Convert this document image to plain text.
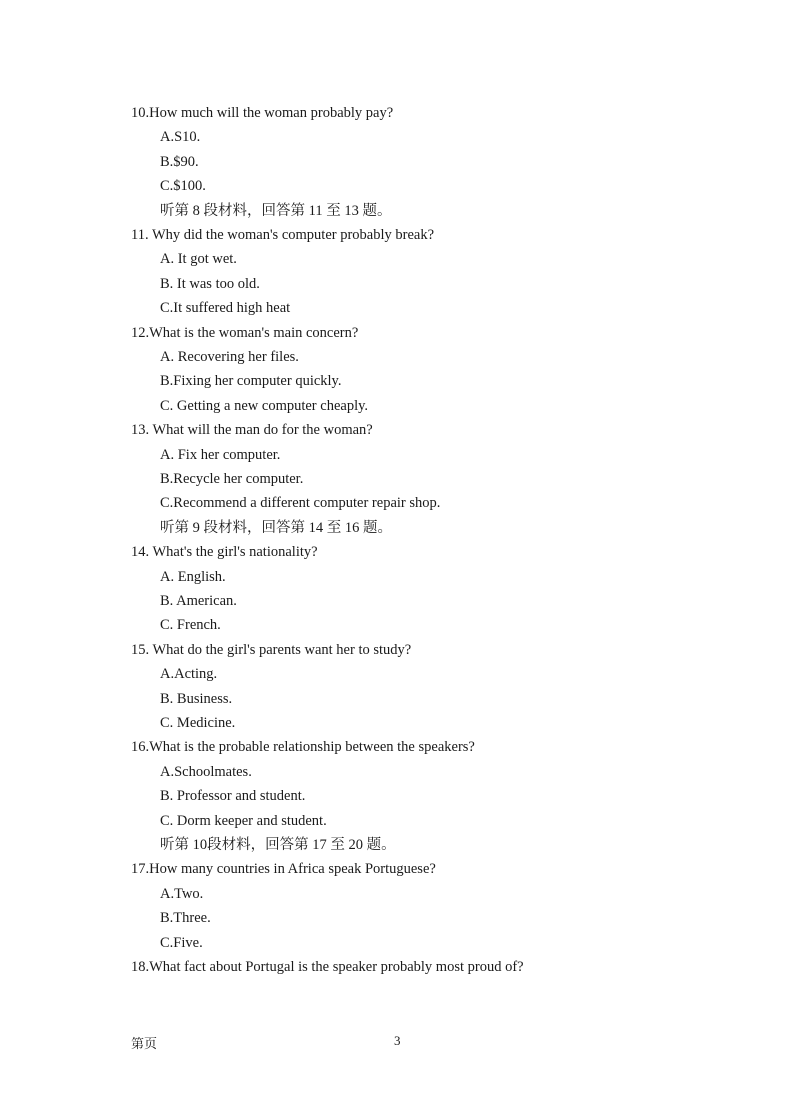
10.How much will the woman probably pay?
A.S10.
B.$90.
C.$100.
听第 8 段材料，回答第 11 至 13 题。
11. Why did the woman's computer probably break?
A. It got wet.
B. It was too old.
C.It suffered high heat
12.What is the woman's main concern?
A. Recovering her files.
B.Fixing her computer quickly.
C. Getting a new computer cheaply.
13. What will the man do for the woman?
A. Fix her computer.
B.Recycle her computer.
C.Recommend a different computer repair shop.
听第 9 段材料，回答第 14 至 16 题。
14. What's the girl's nationality?
A. English.
B. American.
C. French.
15. What do the girl's parents want her to study?
A.Acting.
B. Business.
C. Medicine.
16.What is the probable relationship between the speakers?
A.Schoolmates.
B. Professor and student.
C. Dorm keeper and student.
听第 10段材料，回答第 17 至 20 题。
17.How many countries in Africa speak Portuguese?
A.Two.
B.Three.
C.Five.
18.What fact about Portugal is the speaker probably most proud of?
第页	3
